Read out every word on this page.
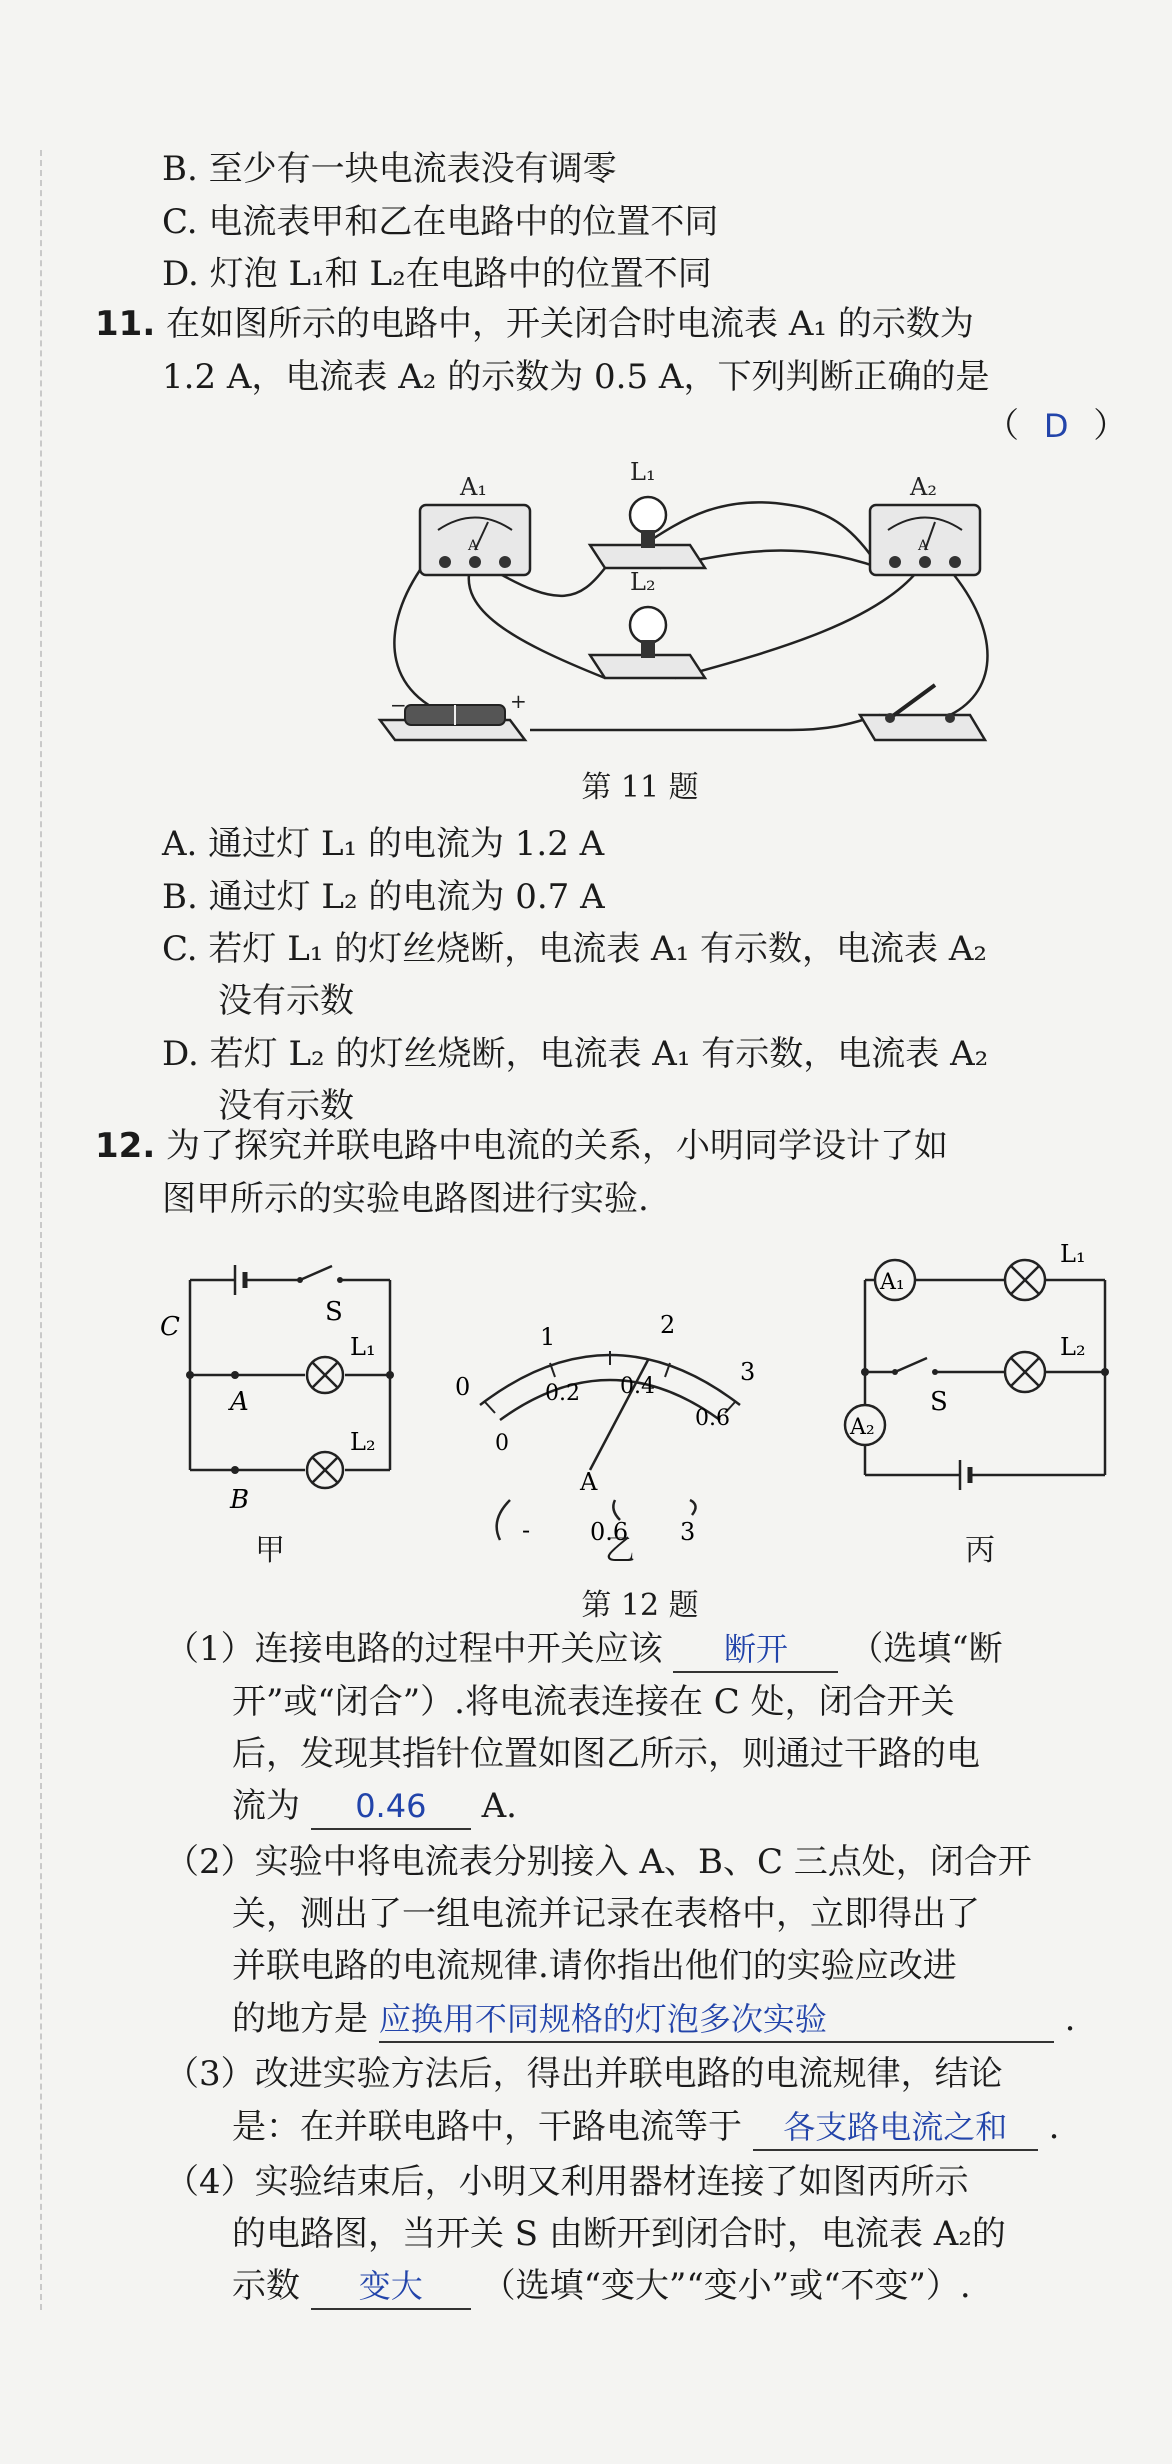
B. 至少有一块电流表没有调零
C. 电流表甲和乙在电路中的位置不同
D. 灯泡 L₁和 L₂在电路中的位置不同
11. 在如图所示的电路中，开关闭合时电流表 A₁ 的示数为
1.2 A，电流表 A₂ 的示数为 0.5 A，下列判断正确的是
（ D ）
A₁
A
A₂
A
L₁
L₂
+
−
第 11 题
A. 通过灯 L₁ 的电流为 1.2 A
B. 通过灯 L₂ 的电流为 0.7 A
C. 若灯 L₁ 的灯丝烧断，电流表 A₁ 有示数，电流表 A₂
没有示数
D. 若灯 L₂ 的灯丝烧断，电流表 A₁ 有示数，电流表 A₂
没有示数
12. 为了探究并联电路中电流的关系，小明同学设计了如
图甲所示的实验电路图进行实验.
C
A
B
S
L₁
L₂
0
1	2
3
0
0.2 0.4
0.6
A
- 0.6 3
A₁
A₂
L₁
L₂
S
甲	乙	丙
第 12 题
（1）连接电路的过程中开关应该 断开 （选填“断
开”或“闭合”）.将电流表连接在 C 处，闭合开关
后，发现其指针位置如图乙所示，则通过干路的电
流为 0.46 A.
（2）实验中将电流表分别接入 A、B、C 三点处，闭合开
关，测出了一组电流并记录在表格中，立即得出了
并联电路的电流规律.请你指出他们的实验应改进
的地方是 应换用不同规格的灯泡多次实验	.
（3）改进实验方法后，得出并联电路的电流规律，结论
是：在并联电路中，干路电流等于 各支路电流之和 .
（4）实验结束后，小明又利用器材连接了如图丙所示
的电路图，当开关 S 由断开到闭合时，电流表 A₂的
示数 变大 （选填“变大”“变小”或“不变”）.
